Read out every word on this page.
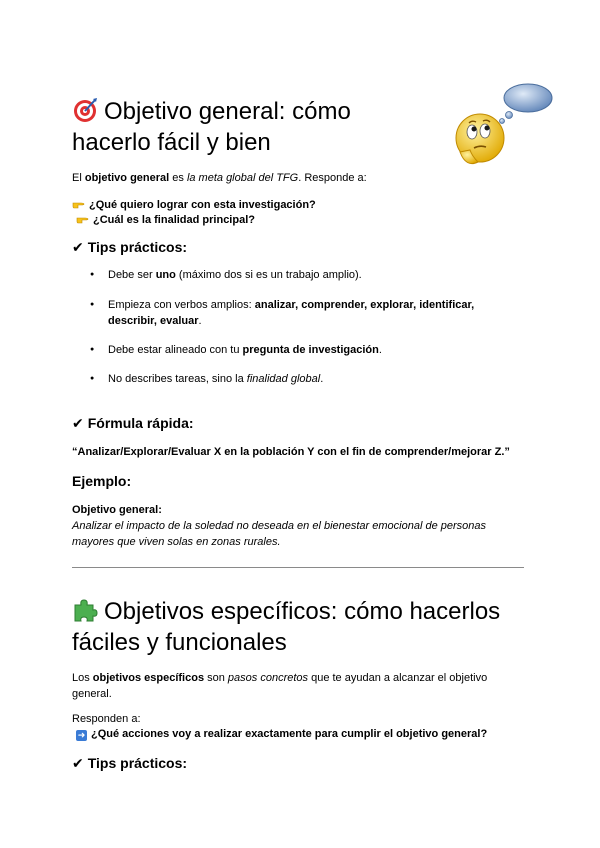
Objetivo general: cómo
hacerlo fácil y bien
El objetivo general es la meta global del TFG. Responde a:
¿Qué quiero lograr con esta investigación?
¿Cuál es la finalidad principal?
✔ Tips prácticos:
● Debe ser uno (máximo dos si es un trabajo amplio).
● Empieza con verbos amplios: analizar, comprender, explorar, identificar, describir, evaluar.
● Debe estar alineado con tu pregunta de investigación.
● No describes tareas, sino la finalidad global.
✔ Fórmula rápida:
“Analizar/Explorar/Evaluar X en la población Y con el fin de comprender/mejorar Z.”
Ejemplo:
Objetivo general:
Analizar el impacto de la soledad no deseada en el bienestar emocional de personas
mayores que viven solas en zonas rurales.
Objetivos específicos: cómo hacerlos
fáciles y funcionales
Los objetivos específicos son pasos concretos que te ayudan a alcanzar el objetivo
general.
Responden a:
➜ ¿Qué acciones voy a realizar exactamente para cumplir el objetivo general?
✔ Tips prácticos:
